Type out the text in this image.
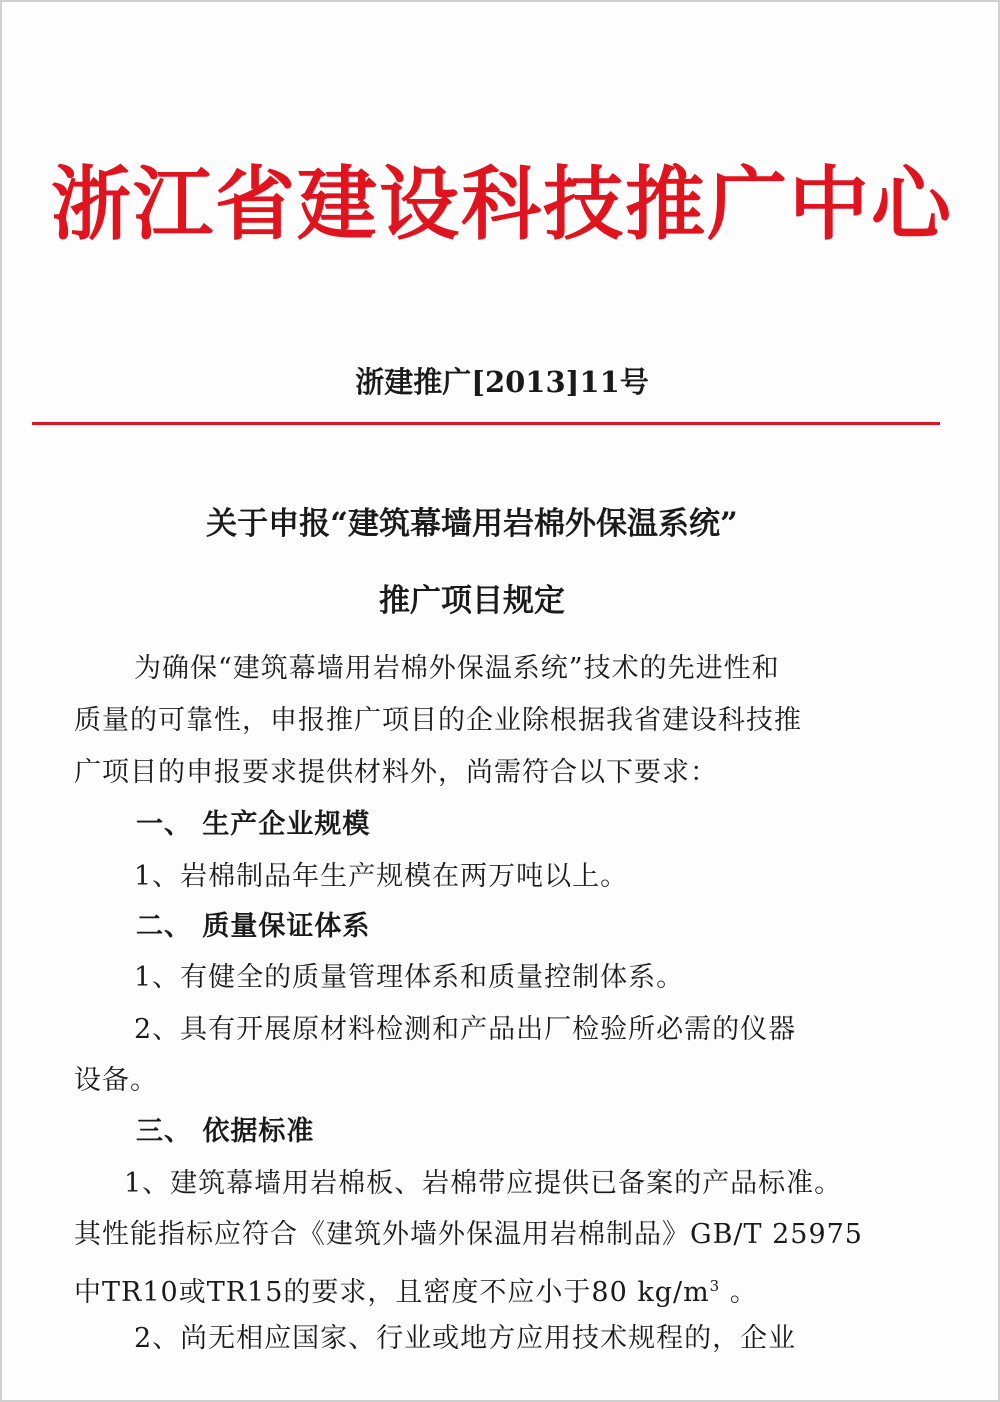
浙江省建设科技推广中心
浙建推广[2013]11号
关于申报“建筑幕墙用岩棉外保温系统”
推广项目规定
为确保“建筑幕墙用岩棉外保温系统”技术的先进性和
质量的可靠性，申报推广项目的企业除根据我省建设科技推
广项目的申报要求提供材料外，尚需符合以下要求：
一、 生产企业规模
1、岩棉制品年生产规模在两万吨以上。
二、 质量保证体系
1、有健全的质量管理体系和质量控制体系。
2、具有开展原材料检测和产品出厂检验所必需的仪器
设备。
三、 依据标准
1、建筑幕墙用岩棉板、岩棉带应提供已备案的产品标准。
其性能指标应符合《建筑外墙外保温用岩棉制品》GB/T 25975
中TR10或TR15的要求，且密度不应小于80 $kg/m^3$ 。
2、尚无相应国家、行业或地方应用技术规程的，企业
